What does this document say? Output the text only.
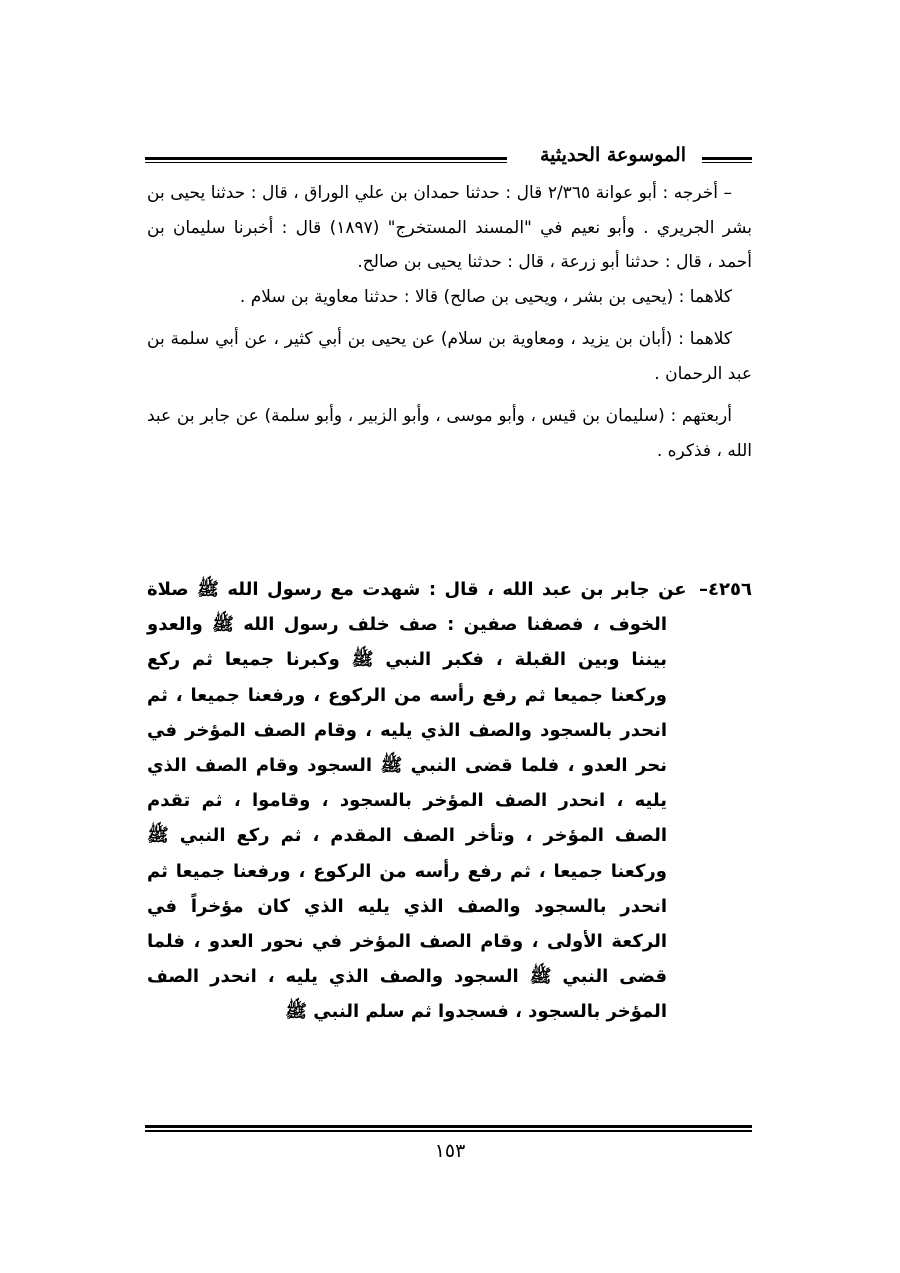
الموسوعة الحديثية

– أخرجه : أبو عوانة ٢/٣٦٥ قال : حدثنا حمدان بن علي الوراق ، قال : حدثنا يحيى بن بشر الجريري . وأبو نعيم في "المسند المستخرج" (١٨٩٧) قال : أخبرنا سليمان بن أحمد ، قال : حدثنا أبو زرعة ، قال : حدثنا يحيى بن صالح.

كلاهما : (يحيى بن بشر ، ويحيى بن صالح) قالا : حدثنا معاوية بن سلام .

كلاهما : (أبان بن يزيد ، ومعاوية بن سلام) عن يحيى بن أبي كثير ، عن أبي سلمة بن عبد الرحمان .

أربعتهم : (سليمان بن قيس ، وأبو موسى ، وأبو الزبير ، وأبو سلمة) عن جابر بن عبد الله ، فذكره .

٤٢٥٦– عن جابر بن عبد الله ، قال : شهدت مع رسول الله ﷺ صلاة الخوف ، فصفنا صفين : صف خلف رسول الله ﷺ والعدو بيننا وبين القبلة ، فكبر النبي ﷺ وكبرنا جميعا ثم ركع وركعنا جميعا ثم رفع رأسه من الركوع ، ورفعنا جميعا ، ثم انحدر بالسجود والصف الذي يليه ، وقام الصف المؤخر في نحر العدو ، فلما قضى النبي ﷺ السجود وقام الصف الذي يليه ، انحدر الصف المؤخر بالسجود ، وقاموا ، ثم تقدم الصف المؤخر ، وتأخر الصف المقدم ، ثم ركع النبي ﷺ وركعنا جميعا ، ثم رفع رأسه من الركوع ، ورفعنا جميعا ثم انحدر بالسجود والصف الذي يليه الذي كان مؤخراً في الركعة الأولى ، وقام الصف المؤخر في نحور العدو ، فلما قضى النبي ﷺ السجود والصف الذي يليه ، انحدر الصف المؤخر بالسجود ، فسجدوا ثم سلم النبي ﷺ

١٥٣
